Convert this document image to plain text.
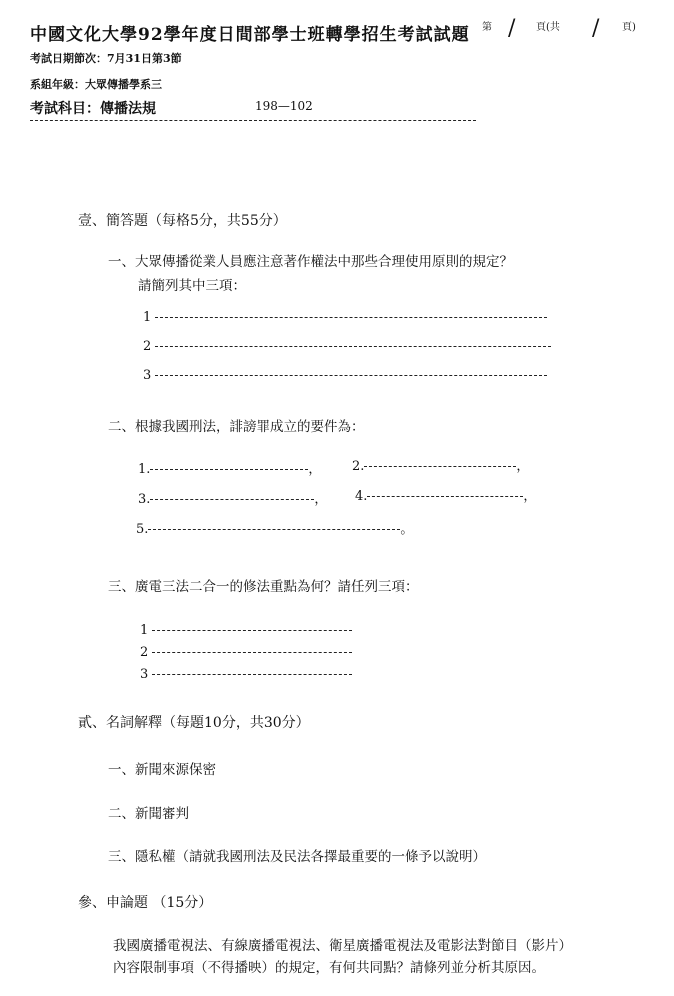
中國文化大學92學年度日間部學士班轉學招生考試試題 第 / 頁(共 / 頁)
考試日期節次：7月31日第3節
系組年級：大眾傳播學系三
考試科目：傳播法規	198—102
壹、簡答題（每格5分，共55分）
一、大眾傳播從業人員應注意著作權法中那些合理使用原則的規定？
請簡列其中三項：
1
2
3
二、根據我國刑法，誹謗罪成立的要件為：
1.	， 2.	，
3.	， 4.	，
5.	。
三、廣電三法二合一的修法重點為何？請任列三項：
1
2
3
貳、名詞解釋（每題10分，共30分）
一、新聞來源保密
二、新聞審判
三、隱私權（請就我國刑法及民法各擇最重要的一條予以說明）
參、申論題 （15分）
我國廣播電視法、有線廣播電視法、衛星廣播電視法及電影法對節目（影片）
內容限制事項（不得播映）的規定，有何共同點？請條列並分析其原因。
